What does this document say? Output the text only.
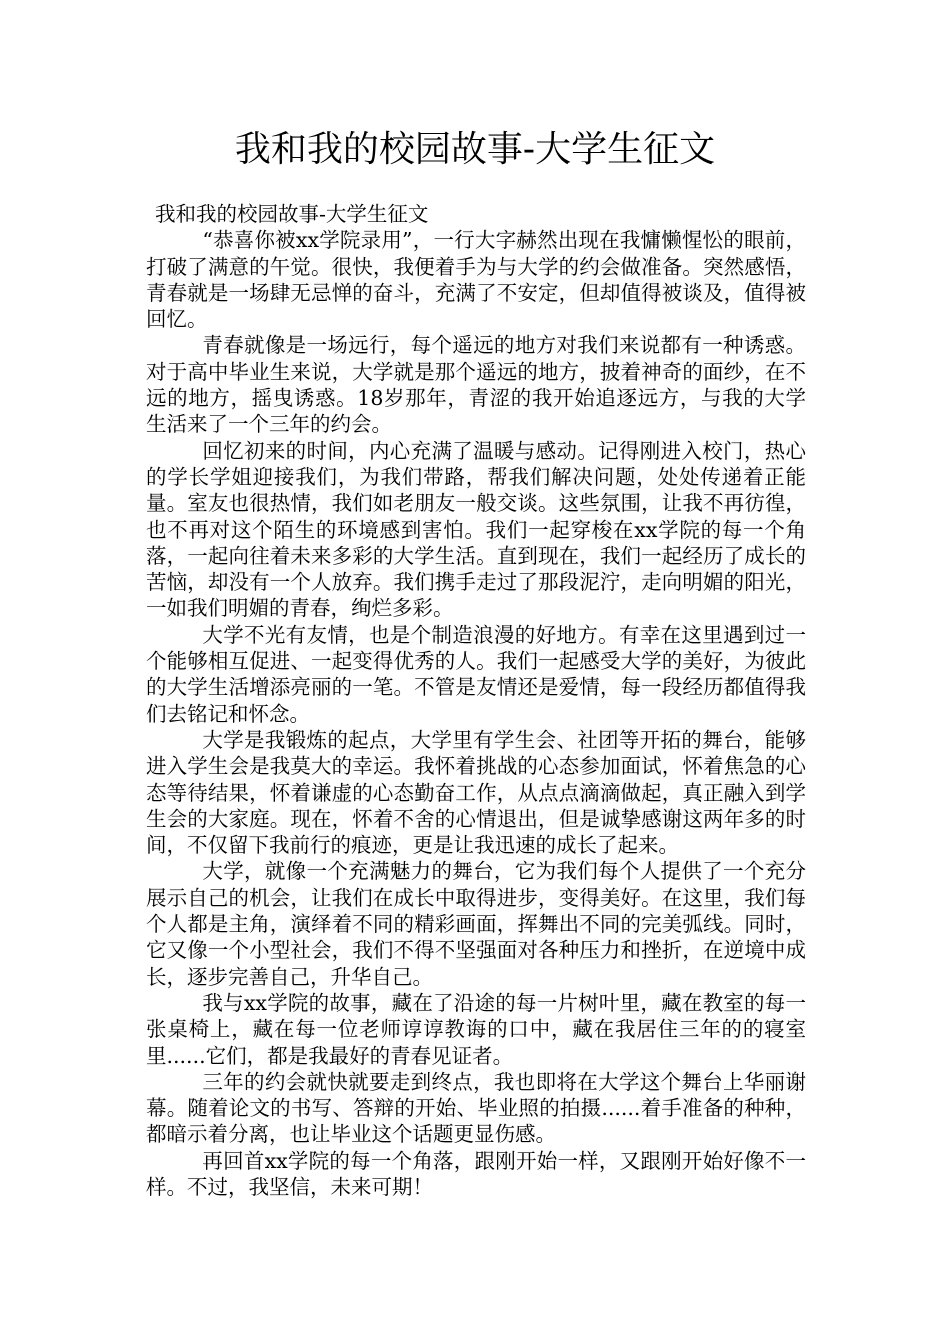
我和我的校园故事-大学生征文

我和我的校园故事-大学生征文

“恭喜你被xx学院录用”，一行大字赫然出现在我慵懒惺忪的眼前，打破了满意的午觉。很快，我便着手为与大学的约会做准备。突然感悟，青春就是一场肆无忌惮的奋斗，充满了不安定，但却值得被谈及，值得被回忆。

青春就像是一场远行，每个遥远的地方对我们来说都有一种诱惑。对于高中毕业生来说，大学就是那个遥远的地方，披着神奇的面纱，在不远的地方，摇曳诱惑。18岁那年，青涩的我开始追逐远方，与我的大学生活来了一个三年的约会。

回忆初来的时间，内心充满了温暖与感动。记得刚进入校门，热心的学长学姐迎接我们，为我们带路，帮我们解决问题，处处传递着正能量。室友也很热情，我们如老朋友一般交谈。这些氛围，让我不再彷徨，也不再对这个陌生的环境感到害怕。我们一起穿梭在xx学院的每一个角落，一起向往着未来多彩的大学生活。直到现在，我们一起经历了成长的苦恼，却没有一个人放弃。我们携手走过了那段泥泞，走向明媚的阳光，一如我们明媚的青春，绚烂多彩。

大学不光有友情，也是个制造浪漫的好地方。有幸在这里遇到过一个能够相互促进、一起变得优秀的人。我们一起感受大学的美好，为彼此的大学生活增添亮丽的一笔。不管是友情还是爱情，每一段经历都值得我们去铭记和怀念。

大学是我锻炼的起点，大学里有学生会、社团等开拓的舞台，能够进入学生会是我莫大的幸运。我怀着挑战的心态参加面试，怀着焦急的心态等待结果，怀着谦虚的心态勤奋工作，从点点滴滴做起，真正融入到学生会的大家庭。现在，怀着不舍的心情退出，但是诚挚感谢这两年多的时间，不仅留下我前行的痕迹，更是让我迅速的成长了起来。

大学，就像一个充满魅力的舞台，它为我们每个人提供了一个充分展示自己的机会，让我们在成长中取得进步，变得美好。在这里，我们每个人都是主角，演绎着不同的精彩画面，挥舞出不同的完美弧线。同时，它又像一个小型社会，我们不得不坚强面对各种压力和挫折，在逆境中成长，逐步完善自己，升华自己。

我与xx学院的故事，藏在了沿途的每一片树叶里，藏在教室的每一张桌椅上，藏在每一位老师谆谆教诲的口中，藏在我居住三年的的寝室里......它们，都是我最好的青春见证者。

三年的约会就快就要走到终点，我也即将在大学这个舞台上华丽谢幕。随着论文的书写、答辩的开始、毕业照的拍摄......着手准备的种种，都暗示着分离，也让毕业这个话题更显伤感。

再回首xx学院的每一个角落，跟刚开始一样，又跟刚开始好像不一样。不过，我坚信，未来可期！
